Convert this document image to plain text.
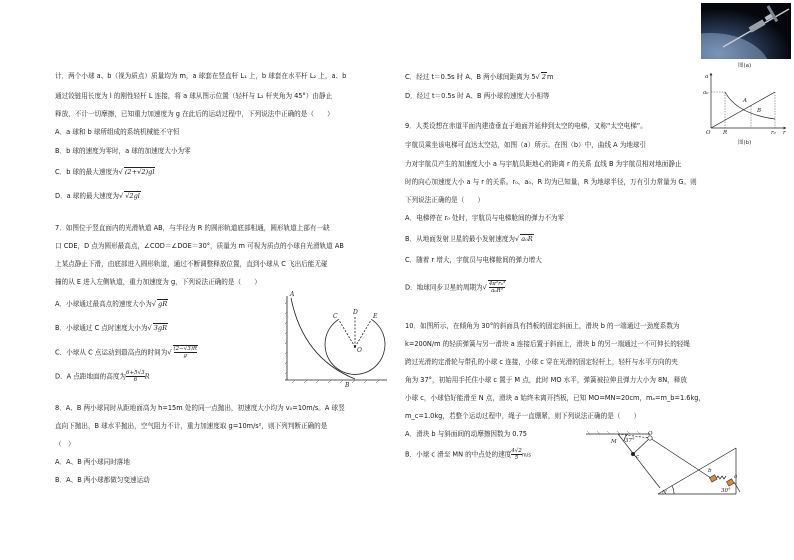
计．两个小球 a、b（视为质点）质量均为 m，a 球套在竖直杆 L₁ 上，b 球套在水平杆 L₂ 上，a、b
通过铰链用长度为 l 的刚性轻杆 L 连接，将 a 球从图示位置（轻杆与 L₂ 杆夹角为 45°）由静止
释放，不计一切摩擦，已知重力加速度为 g 在此后的运动过程中，下列说法中正确的是（　　）
A．a 球和 b 球所组成的系统机械能不守恒
B．b 球的速度为零时，a 球的加速度大小为零
C．b 球的最大速度为√ (2+√2)gl
D．a 球的最大速度为√ √2gl
7．如图位于竖直面内的光滑轨道 AB，与半径为 R 的圆形轨道底部相通，圆形轨道上部有一缺
口 CDE，D 点为圆形最高点，∠COD＝∠DOE＝30°，质量为 m 可视为质点的小球自光滑轨道 AB
上某点静止下滑，由底部进入圆形轨道，通过不断调整释放位置，直到小球从 C 飞出后能无碰
撞的从 E 进入左侧轨道，重力加速度为 g，下列说法正确的是（　　）
A．小球通过最高点的速度大小为√ gR
B．小球通过 C 点时速度大小为√ 3gR
C．小球从 C 点运动到最高点的时间为√ $\frac{(2-√3)R}{g}$
D．A 点距地面的高度为 $\frac{6+5√3}{6}$ R
8．A、B 两小球同时从距地面高为 h=15m 处的同一点抛出，初速度大小均为 v₀=10m/s。A 球竖
直向下抛出，B 球水平抛出，空气阻力不计，重力加速度取 g=10m/s²，则下列判断正确的是
（　）
A．A、B 两小球同时落地
B．A、B 两小球都做匀变速运动
A
B
C
D
E
O
C．经过 t＝0.5s 时 A、B 两小球间距离为 5√ 2m
D．经过 t＝0.5s 时 A、B 两小球的速度大小相等
9．人类设想在赤道平面内建造垂直于地面并延伸到太空的电梯，又称“太空电梯”。
宇航员乘坐该电梯可直达太空站，如图（a）所示。在图（b）中，曲线 A 为地球引
力对宇航员产生的加速度大小 a 与宇航员距地心的距离 r 的关系 直线 B 为宇航员相对地面静止
时的向心加速度大小 a 与 r 的关系。r₀、a₀、R 均为已知量，R 为地球半径，万有引力常量为 G。则
下列说法正确的是（　　）
A．电梯停在 r₀ 处时，宇航员与电梯舱间的弹力不为零
B．从地面发射卫星的最小发射速度为√ a₀R
C．随着 r 增大，宇航员与电梯舱间的弹力增大
D．地球同步卫星的周期为√ $\frac{\text{4π²r₀³}}{\text{a₀R²}}$
10．如图所示，在倾角为 30°的斜面具有挡板的固定斜面上，滑块 b 的一端通过一劲度系数为
k=200N/m 的轻质弹簧与另一滑块 a 连接后置于斜面上，滑块 b 的另一端通过一不可伸长的轻绳
跨过光滑的定滑轮与带孔的小球 c 连接，小球 c 穿在光滑的固定轻杆上，轻杆与水平方向的夹
角为 37°，初始用手托住小球 c 置于 M 点，此时 MO 水平，弹簧被拉伸且弹力大小为 8N，释放
小球 c，小球恰好能滑至 N 点，滑块 a 始终未离开挡板，已知 MO=MN=20cm，mₐ=m_b=1.6kg，
m_c=1.0kg，若整个运动过程中，绳子一直绷紧，则下列说法正确的是（　　）
A．滑块 b 与斜面间的动摩擦因数为 0.75
B．小球 c 滑至 MN 的中点处的速度 $\frac{4√2}{5} m/s$
图(a)
a
a₀
A
B
O R	r₀ r
图(b)
M
O
N
37°
30°
a
b
c
